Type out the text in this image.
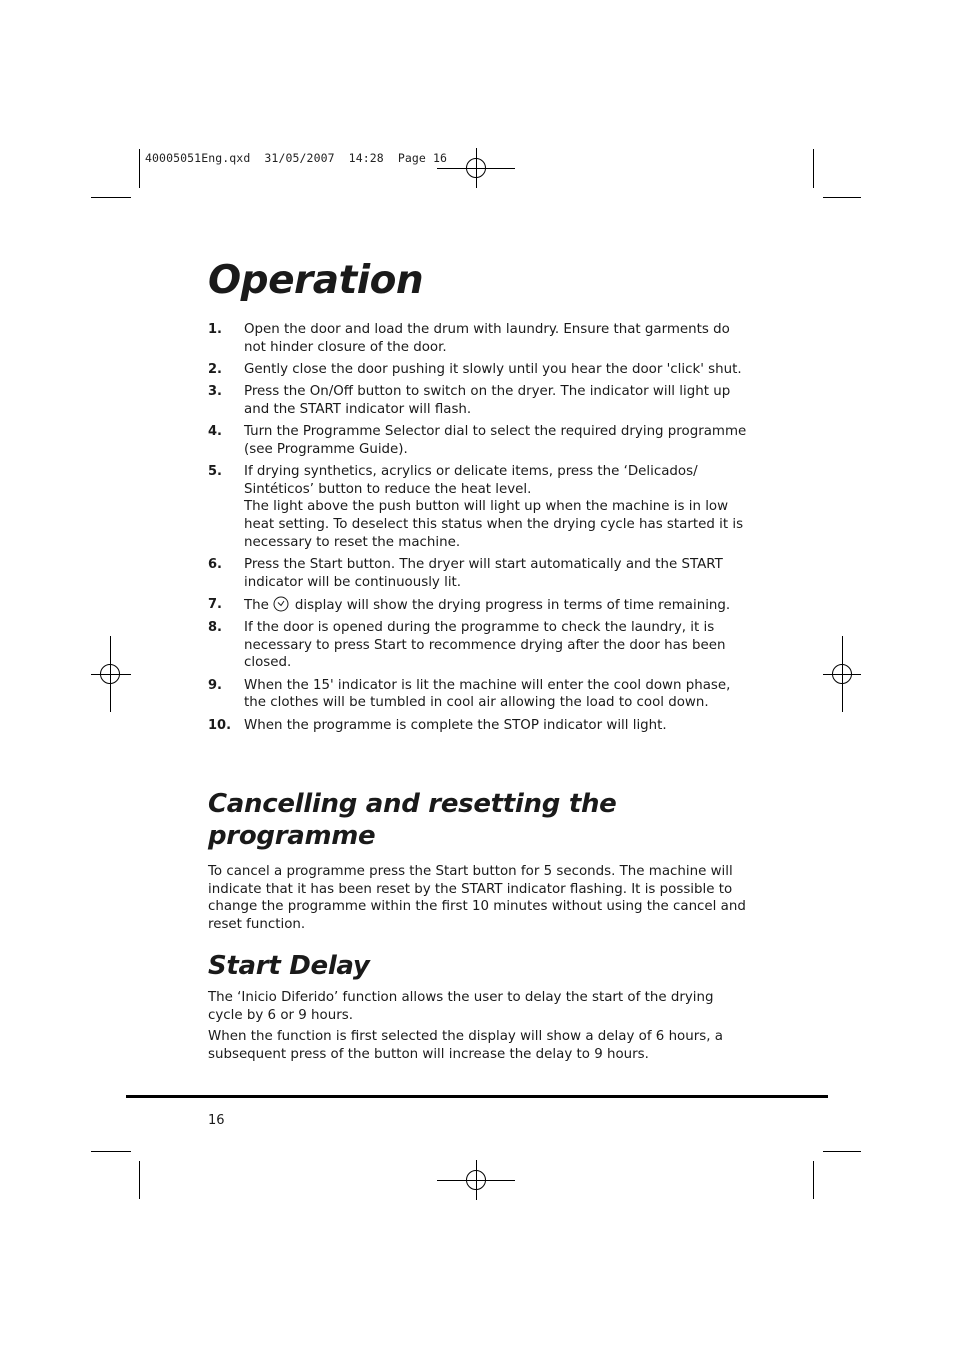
40005051Eng.qxd  31/05/2007  14:28  Page 16
Operation
1. Open the door and load the drum with laundry. Ensure that garments do not hinder closure of the door.
2. Gently close the door pushing it slowly until you hear the door 'click' shut.
3. Press the On/Off button to switch on the dryer. The indicator will light up and the START indicator will flash.
4. Turn the Programme Selector dial to select the required drying programme (see Programme Guide).
5. If drying synthetics, acrylics or delicate items, press the ‘Delicados/ Sintéticos’ button to reduce the heat level.
The light above the push button will light up when the machine is in low heat setting. To deselect this status when the drying cycle has started it is necessary to reset the machine.
6. Press the Start button. The dryer will start automatically and the START indicator will be continuously lit.
7. The display will show the drying progress in terms of time remaining.
8. If the door is opened during the programme to check the laundry, it is necessary to press Start to recommence drying after the door has been closed.
9. When the 15' indicator is lit the machine will enter the cool down phase, the clothes will be tumbled in cool air allowing the load to cool down.
10. When the programme is complete the STOP indicator will light.
Cancelling and resetting the
programme

To cancel a programme press the Start button for 5 seconds. The machine will indicate that it has been reset by the START indicator flashing. It is possible to change the programme within the first 10 minutes without using the cancel and reset function.

Start Delay

The ‘Inicio Diferido’ function allows the user to delay the start of the drying cycle by 6 or 9 hours.

When the function is first selected the display will show a delay of 6 hours, a subsequent press of the button will increase the delay to 9 hours.

16
